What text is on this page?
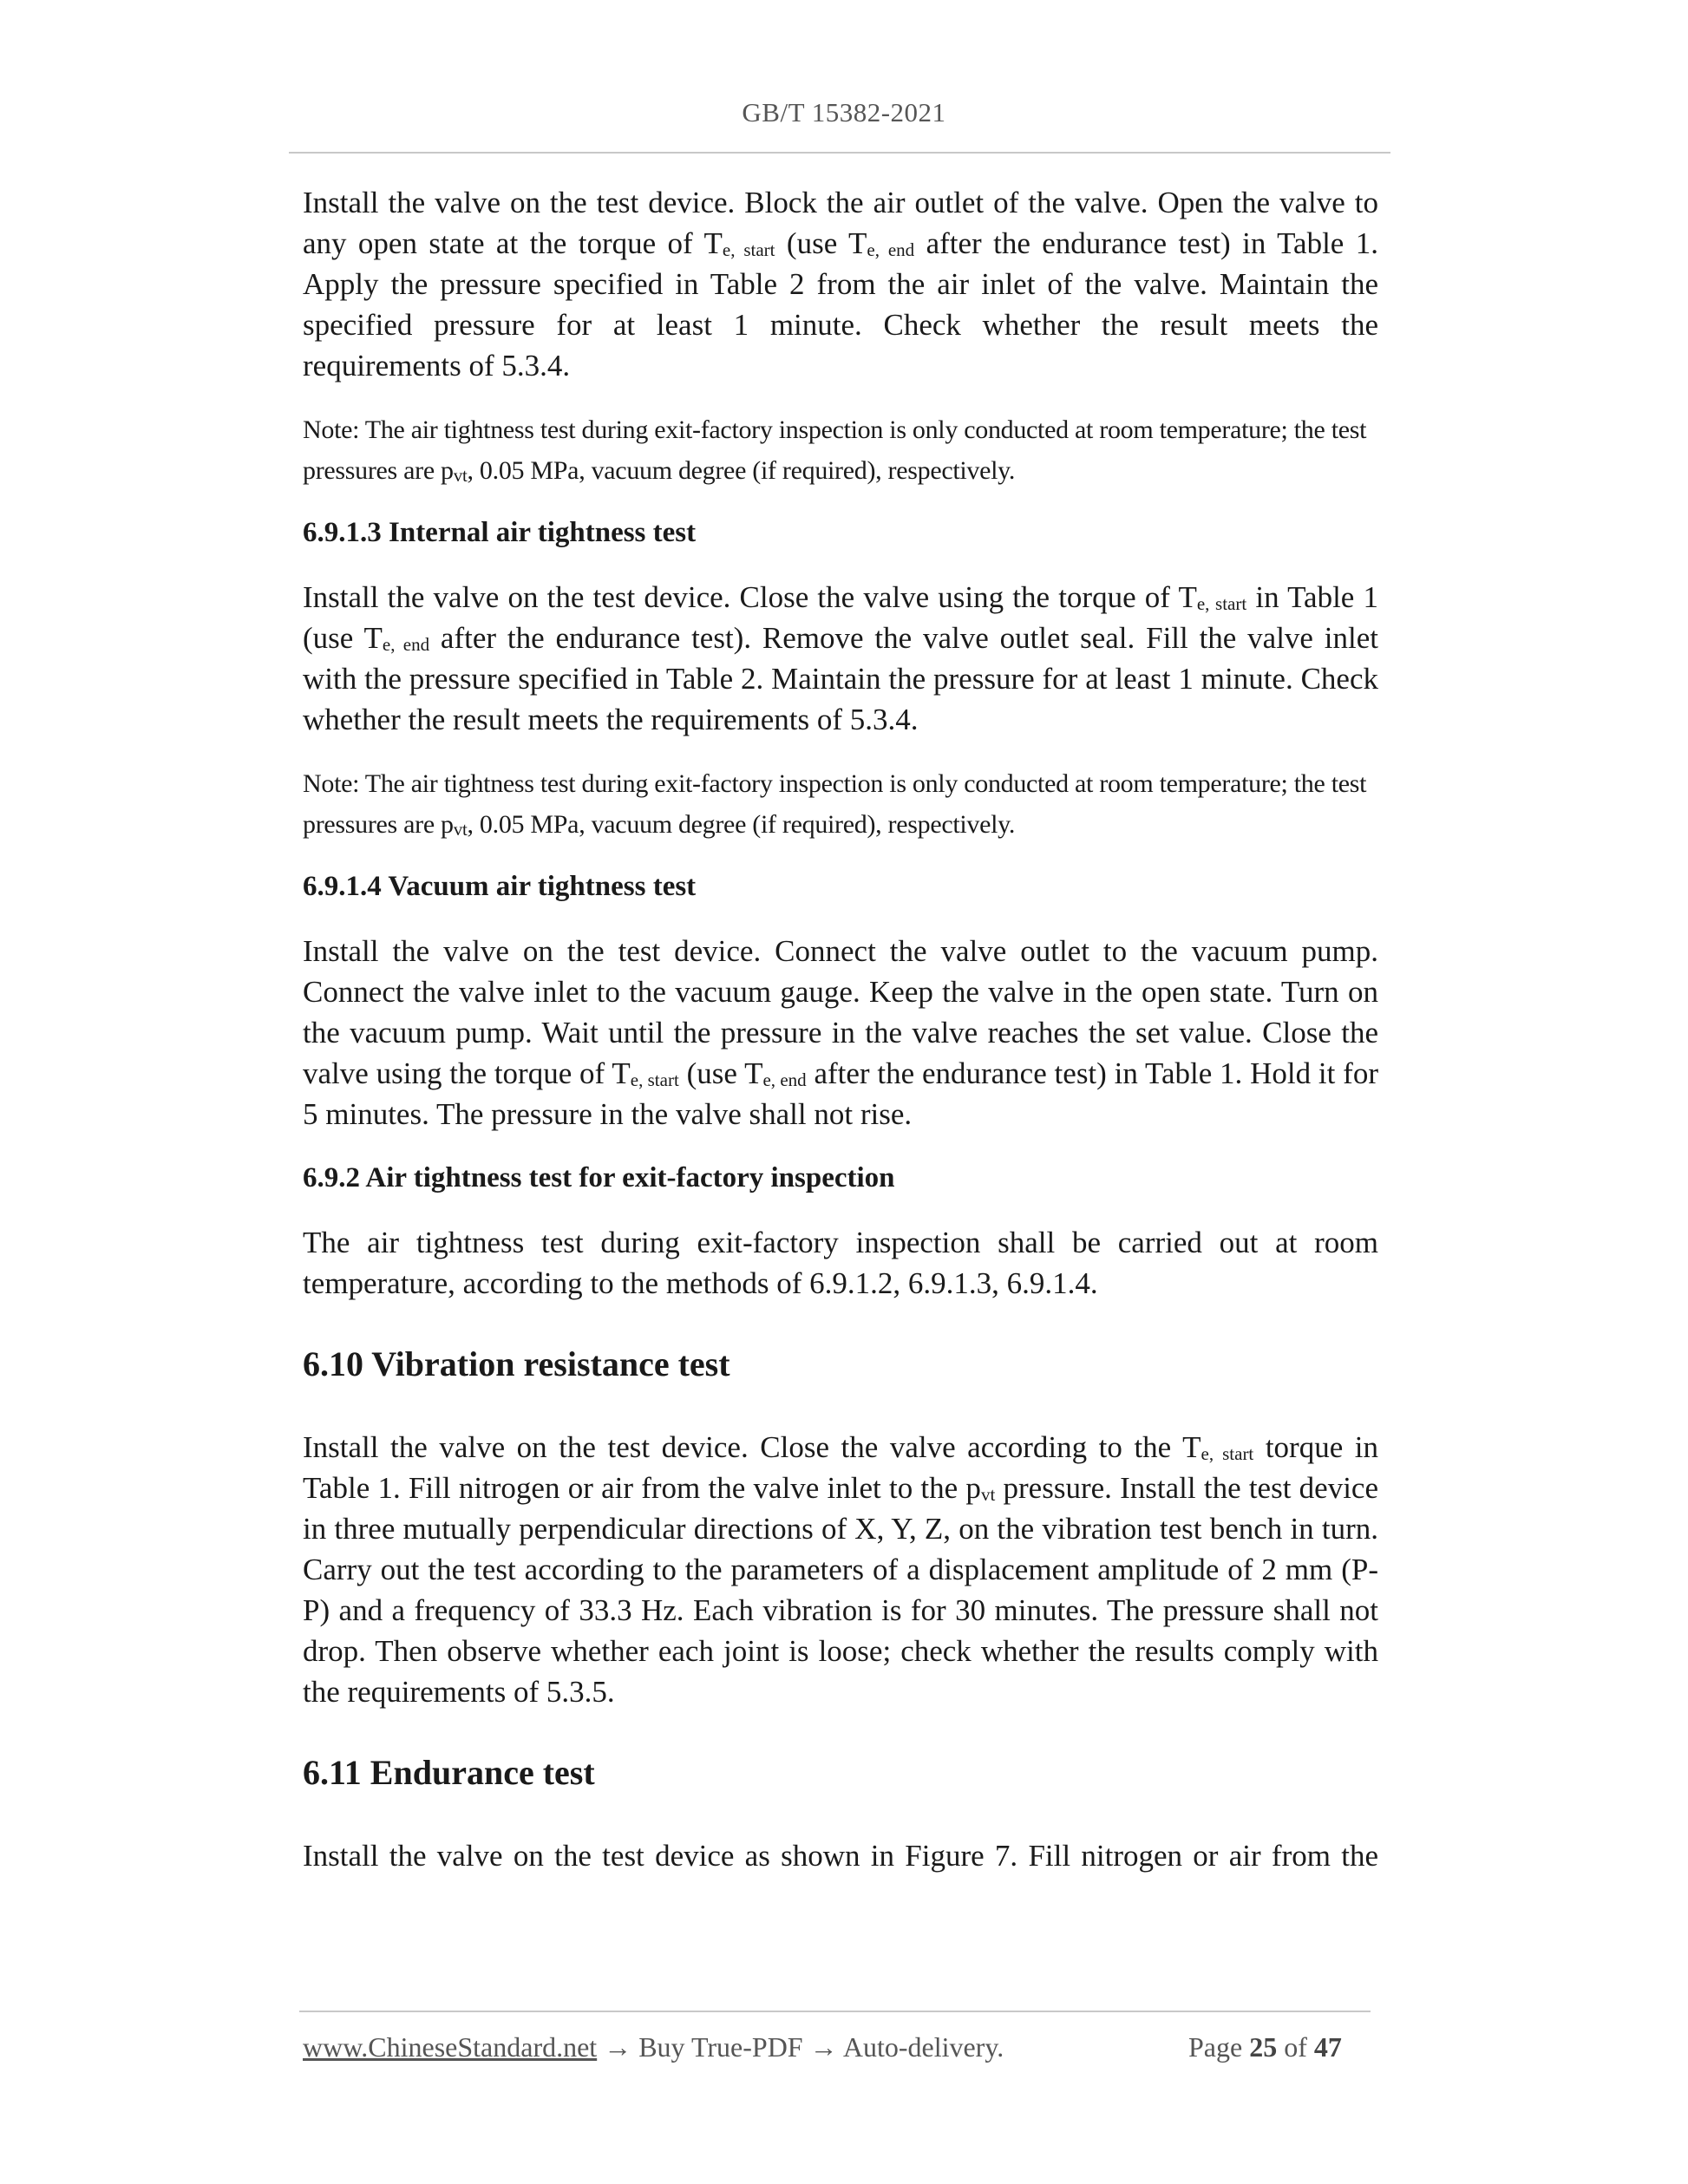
GB/T 15382-2021

Install the valve on the test device. Block the air outlet of the valve. Open the valve to any open state at the torque of Te, start (use Te, end after the endurance test) in Table 1. Apply the pressure specified in Table 2 from the air inlet of the valve. Maintain the specified pressure for at least 1 minute. Check whether the result meets the requirements of 5.3.4.

Note: The air tightness test during exit-factory inspection is only conducted at room temperature; the test pressures are pvt, 0.05 MPa, vacuum degree (if required), respectively.

6.9.1.3 Internal air tightness test

Install the valve on the test device. Close the valve using the torque of Te, start in Table 1 (use Te, end after the endurance test). Remove the valve outlet seal. Fill the valve inlet with the pressure specified in Table 2. Maintain the pressure for at least 1 minute. Check whether the result meets the requirements of 5.3.4.

Note: The air tightness test during exit-factory inspection is only conducted at room temperature; the test pressures are pvt, 0.05 MPa, vacuum degree (if required), respectively.

6.9.1.4 Vacuum air tightness test

Install the valve on the test device. Connect the valve outlet to the vacuum pump. Connect the valve inlet to the vacuum gauge. Keep the valve in the open state. Turn on the vacuum pump. Wait until the pressure in the valve reaches the set value. Close the valve using the torque of Te, start (use Te, end after the endurance test) in Table 1. Hold it for 5 minutes. The pressure in the valve shall not rise.

6.9.2 Air tightness test for exit-factory inspection

The air tightness test during exit-factory inspection shall be carried out at room temperature, according to the methods of 6.9.1.2, 6.9.1.3, 6.9.1.4.

6.10 Vibration resistance test

Install the valve on the test device. Close the valve according to the Te, start torque in Table 1. Fill nitrogen or air from the valve inlet to the pvt pressure. Install the test device in three mutually perpendicular directions of X, Y, Z, on the vibration test bench in turn. Carry out the test according to the parameters of a displacement amplitude of 2 mm (P-P) and a frequency of 33.3 Hz. Each vibration is for 30 minutes. The pressure shall not drop. Then observe whether each joint is loose; check whether the results comply with the requirements of 5.3.5.

6.11 Endurance test

Install the valve on the test device as shown in Figure 7. Fill nitrogen or air from the

www.ChineseStandard.net → Buy True-PDF → Auto-delivery.	Page 25 of 47
